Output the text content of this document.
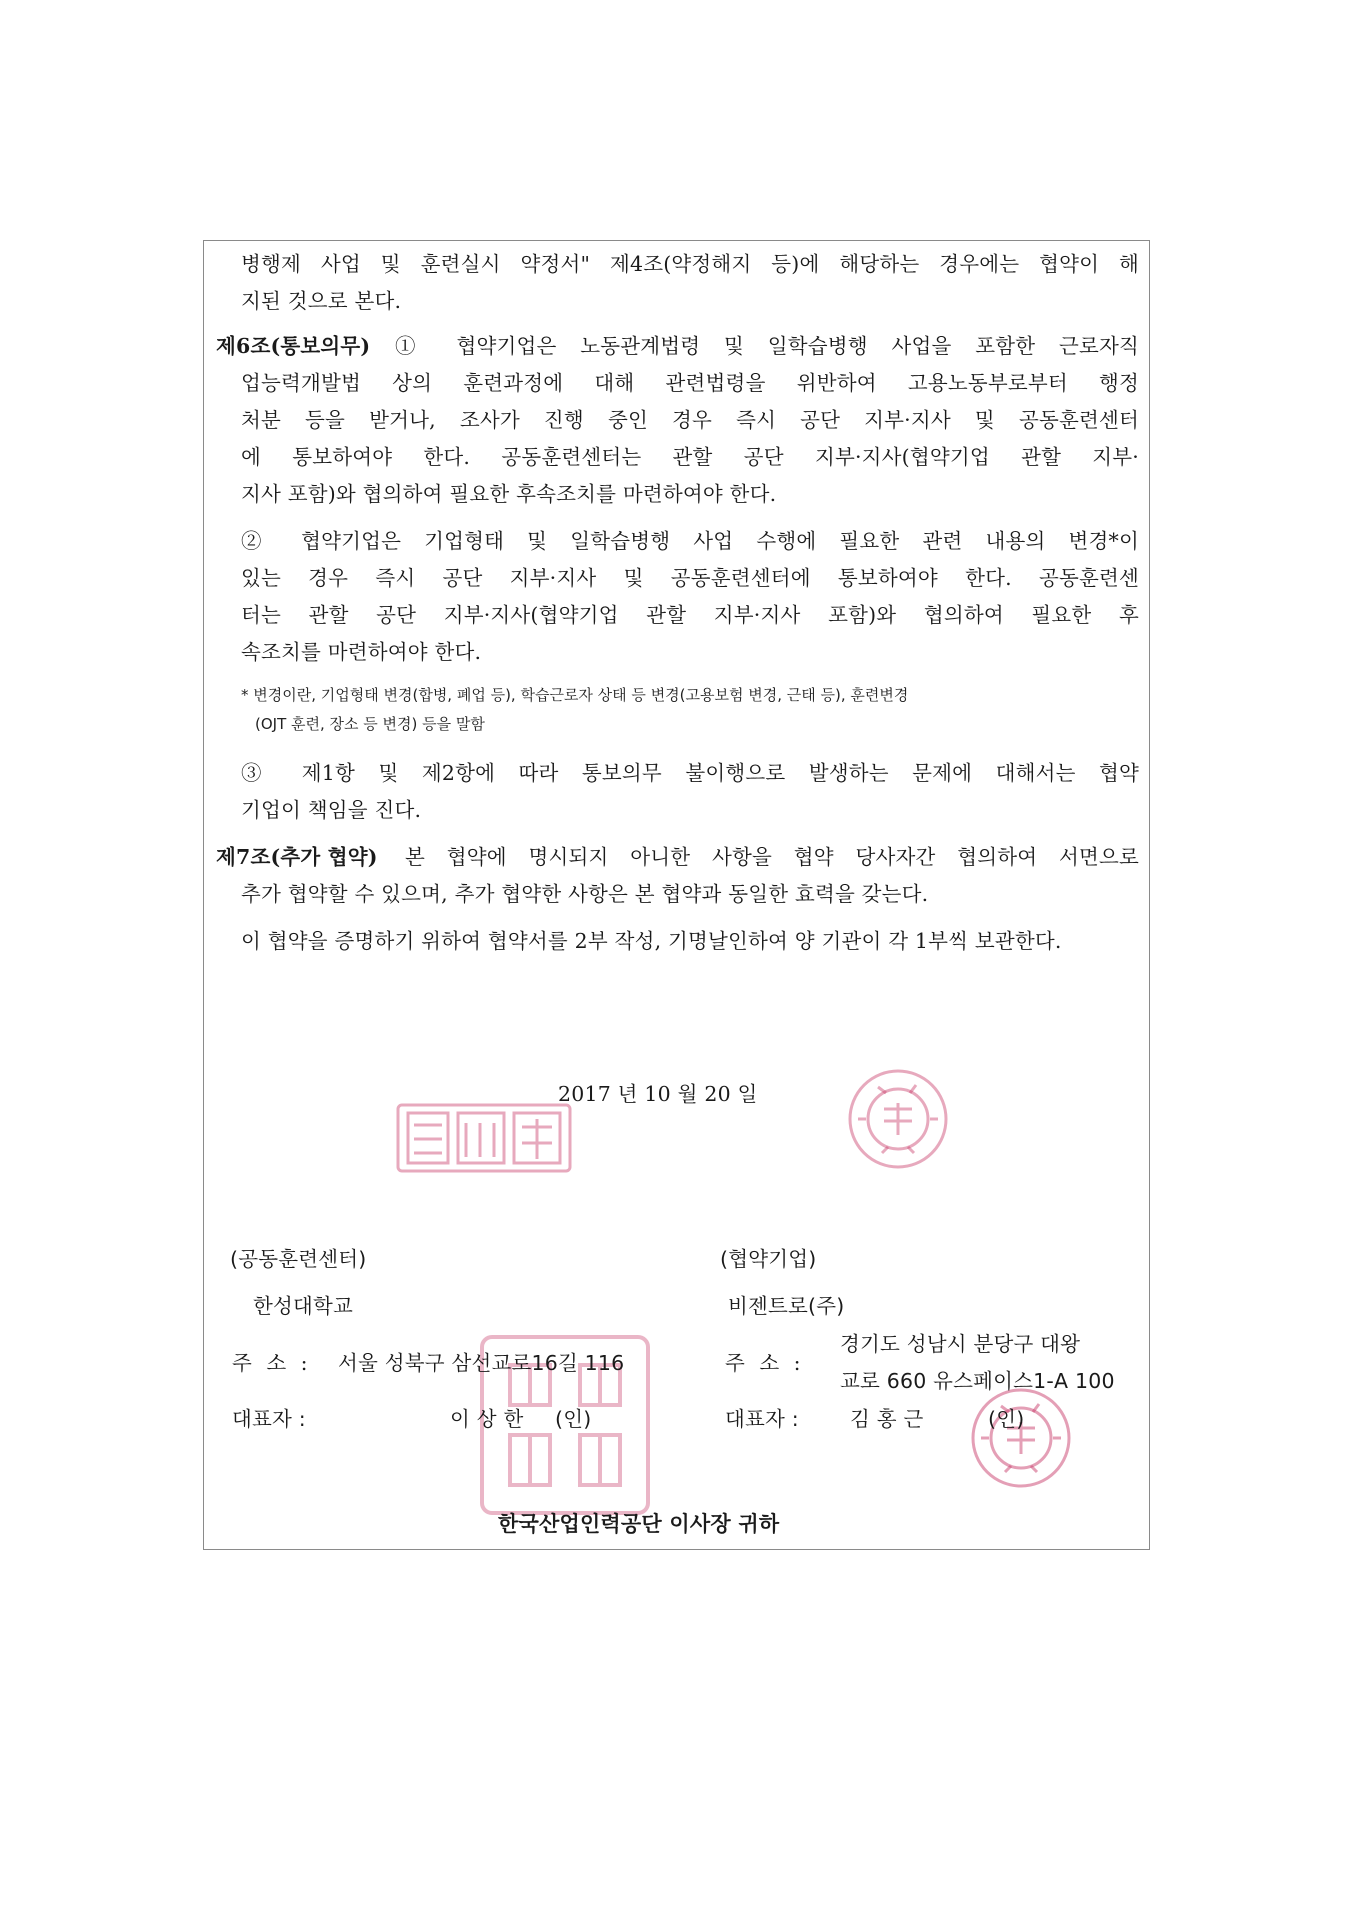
병행제 사업 및 훈련실시 약정서" 제4조(약정해지 등)에 해당하는 경우에는 협약이 해
지된 것으로 본다.
제6조(통보의무) ① 협약기업은 노동관계법령 및 일학습병행 사업을 포함한 근로자직
업능력개발법 상의 훈련과정에 대해 관련법령을 위반하여 고용노동부로부터 행정
처분 등을 받거나, 조사가 진행 중인 경우 즉시 공단 지부·지사 및 공동훈련센터
에 통보하여야 한다. 공동훈련센터는 관할 공단 지부·지사(협약기업 관할 지부·
지사 포함)와 협의하여 필요한 후속조치를 마련하여야 한다.
② 협약기업은 기업형태 및 일학습병행 사업 수행에 필요한 관련 내용의 변경*이
있는 경우 즉시 공단 지부·지사 및 공동훈련센터에 통보하여야 한다. 공동훈련센
터는 관할 공단 지부·지사(협약기업 관할 지부·지사 포함)와 협의하여 필요한 후
속조치를 마련하여야 한다.
* 변경이란, 기업형태 변경(합병, 폐업 등), 학습근로자 상태 등 변경(고용보험 변경, 근태 등), 훈련변경
(OJT 훈련, 장소 등 변경) 등을 말함
③ 제1항 및 제2항에 따라 통보의무 불이행으로 발생하는 문제에 대해서는 협약
기업이 책임을 진다.
제7조(추가 협약) 본 협약에 명시되지 아니한 사항을 협약 당사자간 협의하여 서면으로
추가 협약할 수 있으며, 추가 협약한 사항은 본 협약과 동일한 효력을 갖는다.
이 협약을 증명하기 위하여 협약서를 2부 작성, 기명날인하여 양 기관이 각 1부씩 보관한다.
2017 년 10 월 20 일
(공동훈련센터)
한성대학교
주 소 : 서울 성북구 삼선교로16길 116
대표자 :	이 상 한 (인)
(협약기업)
비젠트로(주)
주 소 :
경기도 성남시 분당구 대왕
교로 660 유스페이스1-A 100
대표자 : 김 홍 근	(인)
한국산업인력공단 이사장 귀하
